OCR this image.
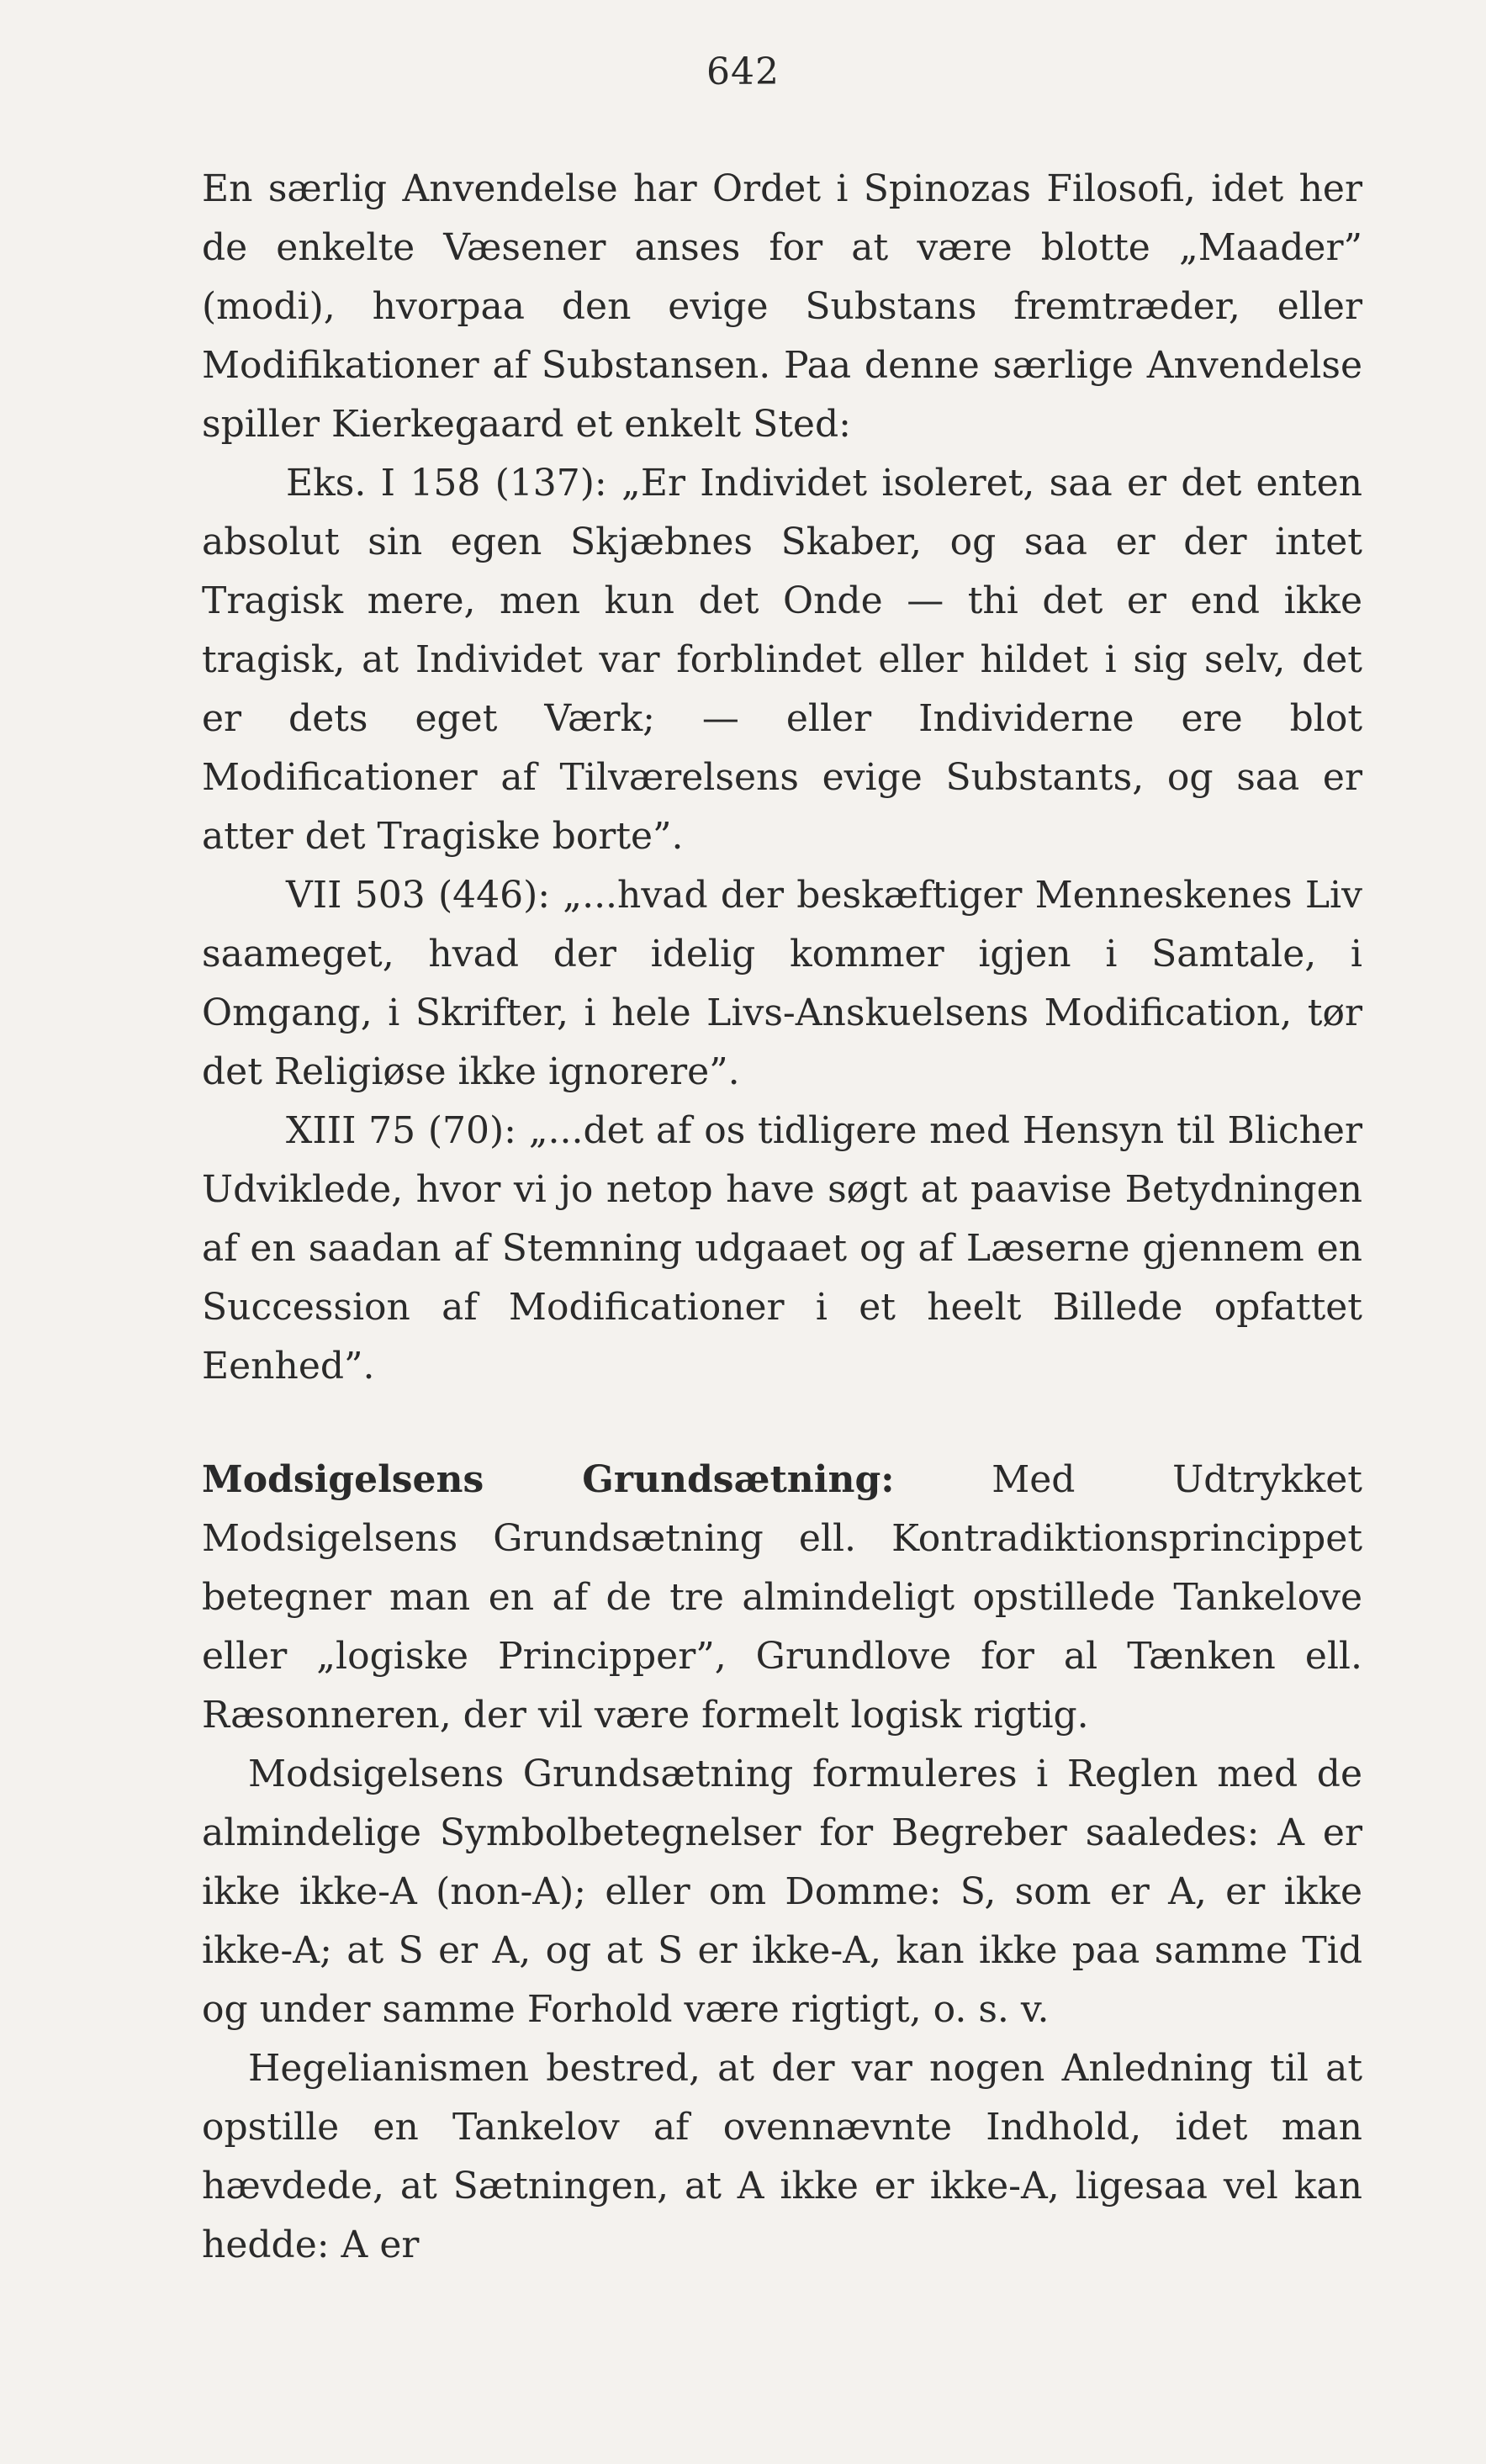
642

En særlig Anvendelse har Ordet i Spinozas Filosofi, idet her de enkelte Væsener anses for at være blotte „Maader” (modi), hvorpaa den evige Substans fremtræder, eller Modifikationer af Substansen. Paa denne særlige Anvendelse spiller Kierkegaard et enkelt Sted:

Eks. I 158 (137): „Er Individet isoleret, saa er det enten absolut sin egen Skjæbnes Skaber, og saa er der intet Tragisk mere, men kun det Onde — thi det er end ikke tragisk, at Individet var forblindet eller hildet i sig selv, det er dets eget Værk; — eller Individerne ere blot Modificationer af Tilværelsens evige Substants, og saa er atter det Tragiske borte”.

VII 503 (446): „...hvad der beskæftiger Menneskenes Liv saameget, hvad der idelig kommer igjen i Samtale, i Omgang, i Skrifter, i hele Livs-Anskuelsens Modification, tør det Religiøse ikke ignorere”.

XIII 75 (70): „...det af os tidligere med Hensyn til Blicher Udviklede, hvor vi jo netop have søgt at paavise Betydningen af en saadan af Stemning udgaaet og af Læserne gjennem en Succession af Modificationer i et heelt Billede opfattet Eenhed”.

Modsigelsens Grundsætning:	Med Udtrykket Modsigelsens Grundsætning ell. Kontradiktionsprincippet betegner man en af de tre almindeligt opstillede Tankelove eller „logiske Principper”, Grundlove for al Tænken ell. Ræsonneren, der vil være formelt logisk rigtig.

Modsigelsens Grundsætning formuleres i Reglen med de almindelige Symbolbetegnelser for Begreber saaledes: A er ikke ikke-A (non-A); eller om Domme: S, som er A, er ikke ikke-A; at S er A, og at S er ikke-A, kan ikke paa samme Tid og under samme Forhold være rigtigt, o. s. v.

Hegelianismen bestred, at der var nogen Anledning til at opstille en Tankelov af ovennævnte Indhold, idet man hævdede, at Sætningen, at A ikke er ikke-A, ligesaa vel kan hedde: A er
